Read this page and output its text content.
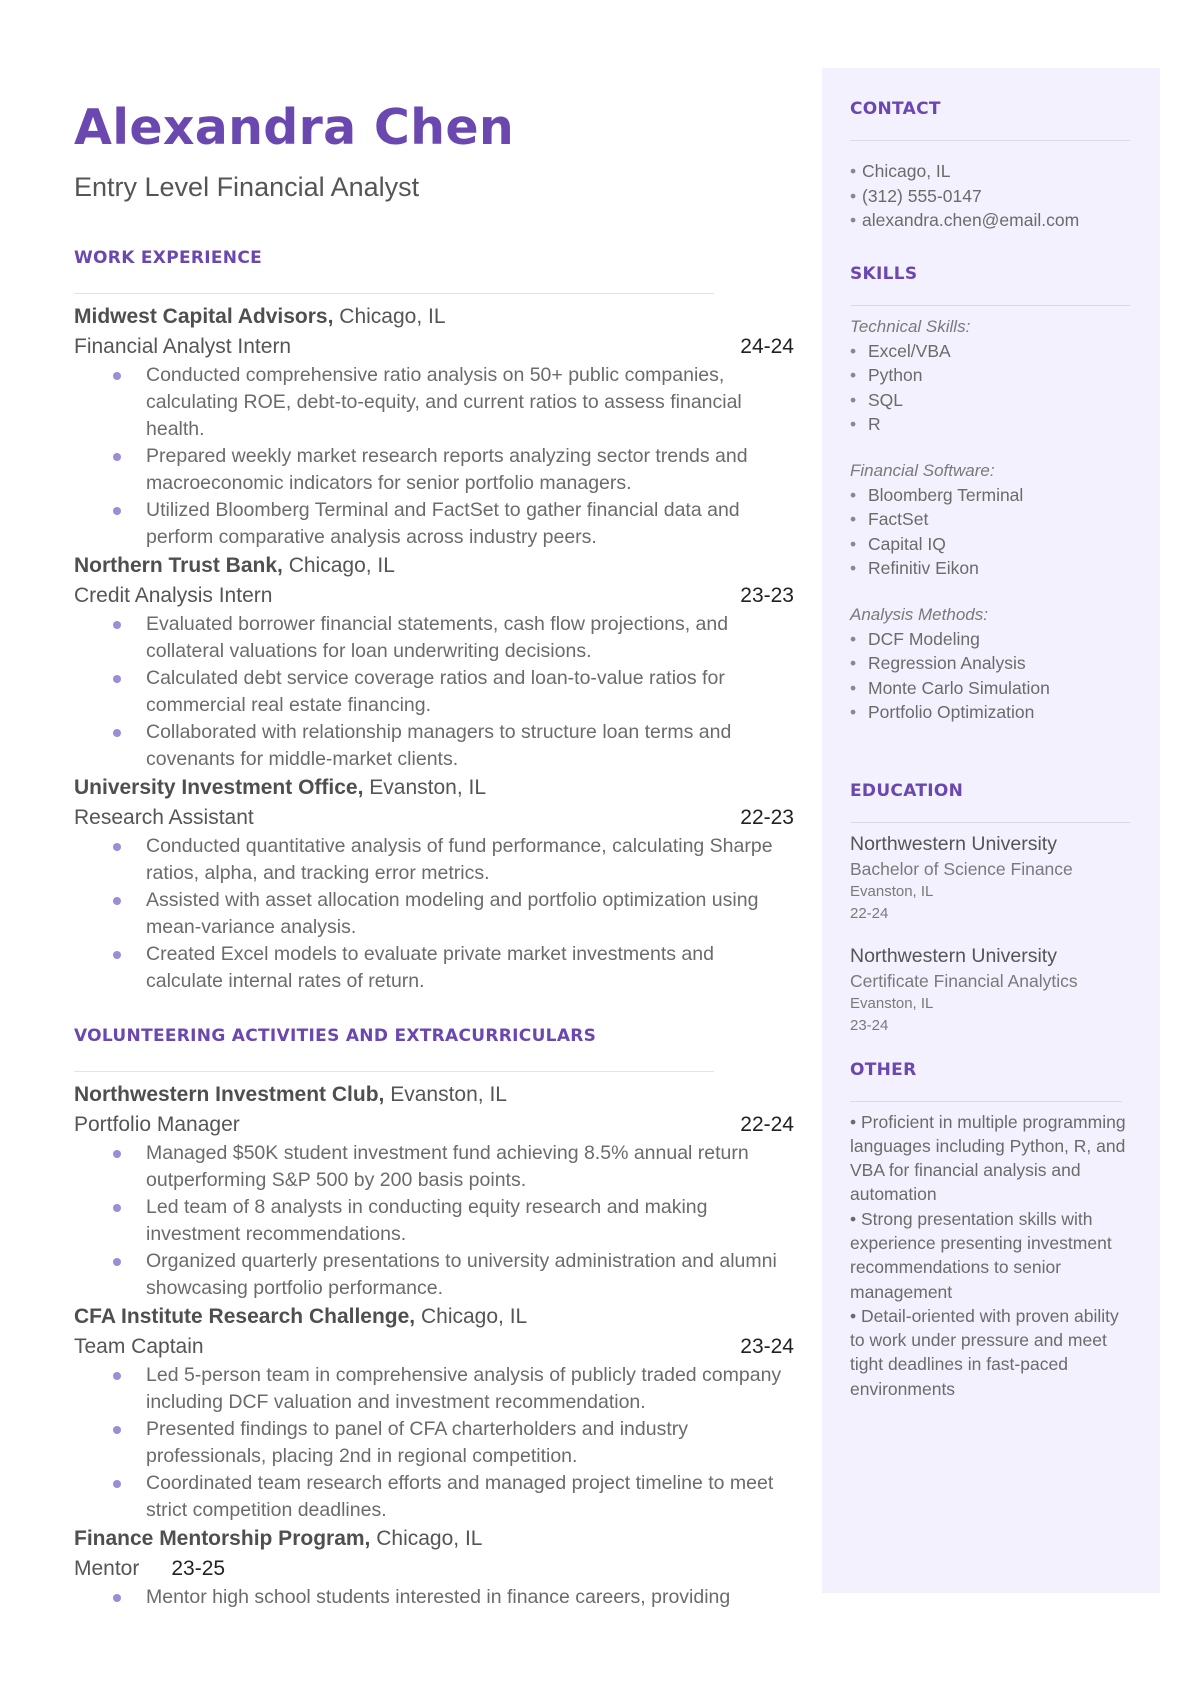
Alexandra Chen
Entry Level Financial Analyst
WORK EXPERIENCE
Midwest Capital Advisors, Chicago, IL
Financial Analyst Intern	24-24
Conducted comprehensive ratio analysis on 50+ public companies, calculating ROE, debt-to-equity, and current ratios to assess financial health.
Prepared weekly market research reports analyzing sector trends and macroeconomic indicators for senior portfolio managers.
Utilized Bloomberg Terminal and FactSet to gather financial data and perform comparative analysis across industry peers.
Northern Trust Bank, Chicago, IL
Credit Analysis Intern	23-23
Evaluated borrower financial statements, cash flow projections, and collateral valuations for loan underwriting decisions.
Calculated debt service coverage ratios and loan-to-value ratios for commercial real estate financing.
Collaborated with relationship managers to structure loan terms and covenants for middle-market clients.
University Investment Office, Evanston, IL
Research Assistant	22-23
Conducted quantitative analysis of fund performance, calculating Sharpe ratios, alpha, and tracking error metrics.
Assisted with asset allocation modeling and portfolio optimization using mean-variance analysis.
Created Excel models to evaluate private market investments and calculate internal rates of return.
VOLUNTEERING ACTIVITIES AND EXTRACURRICULARS
Northwestern Investment Club, Evanston, IL
Portfolio Manager	22-24
Managed $50K student investment fund achieving 8.5% annual return outperforming S&P 500 by 200 basis points.
Led team of 8 analysts in conducting equity research and making investment recommendations.
Organized quarterly presentations to university administration and alumni showcasing portfolio performance.
CFA Institute Research Challenge, Chicago, IL
Team Captain	23-24
Led 5-person team in comprehensive analysis of publicly traded company including DCF valuation and investment recommendation.
Presented findings to panel of CFA charterholders and industry professionals, placing 2nd in regional competition.
Coordinated team research efforts and managed project timeline to meet strict competition deadlines.
Finance Mentorship Program, Chicago, IL
Mentor 23-25
Mentor high school students interested in finance careers, providing
CONTACT
• Chicago, IL
• (312) 555-0147
• alexandra.chen@email.com
SKILLS
Technical Skills:
• Excel/VBA
• Python
• SQL
• R
Financial Software:
• Bloomberg Terminal
• FactSet
• Capital IQ
• Refinitiv Eikon
Analysis Methods:
• DCF Modeling
• Regression Analysis
• Monte Carlo Simulation
• Portfolio Optimization
EDUCATION
Northwestern University
Bachelor of Science Finance
Evanston, IL
22-24
Northwestern University
Certificate Financial Analytics
Evanston, IL
23-24
OTHER
• Proficient in multiple programming languages including Python, R, and VBA for financial analysis and automation
• Strong presentation skills with experience presenting investment recommendations to senior management
• Detail-oriented with proven ability to work under pressure and meet tight deadlines in fast-paced environments
